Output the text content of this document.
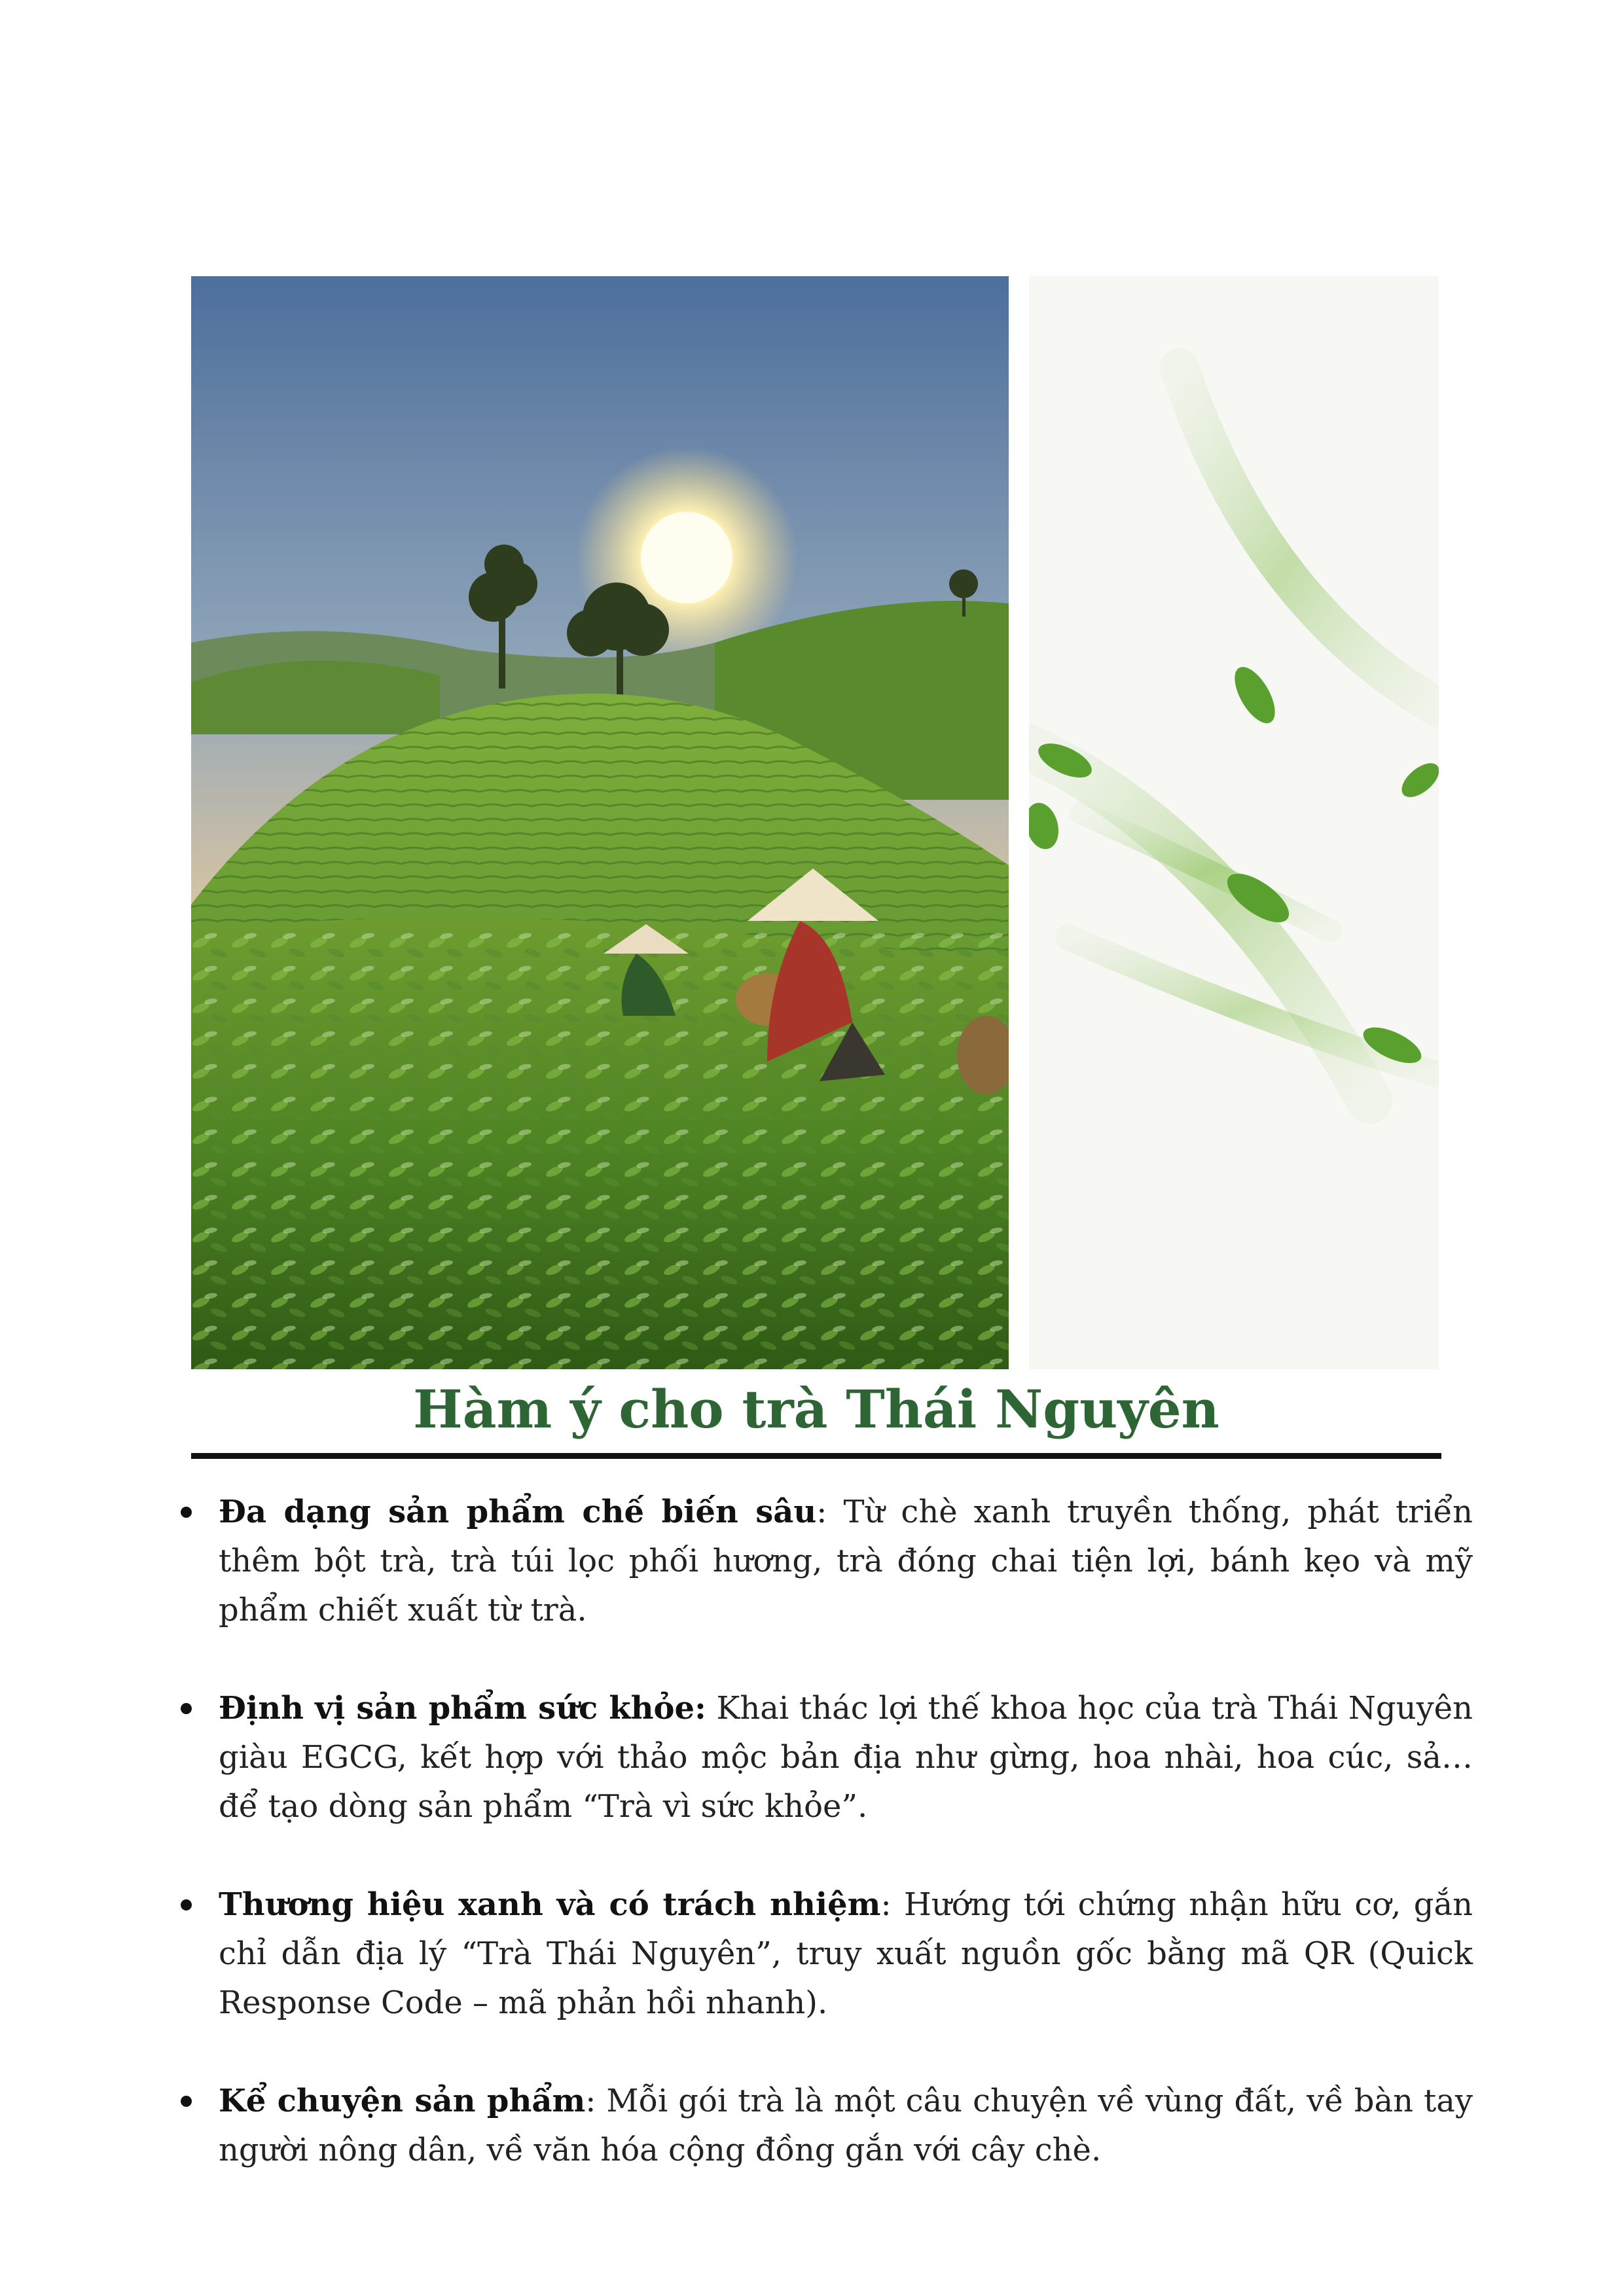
Hàm ý cho trà Thái Nguyên
Đa dạng sản phẩm chế biến sâu: Từ chè xanh truyền thống, phát triển thêm bột trà, trà túi lọc phối hương, trà đóng chai tiện lợi, bánh kẹo và mỹ phẩm chiết xuất từ trà.
Định vị sản phẩm sức khỏe: Khai thác lợi thế khoa học của trà Thái Nguyên giàu EGCG, kết hợp với thảo mộc bản địa như gừng, hoa nhài, hoa cúc, sả… để tạo dòng sản phẩm “Trà vì sức khỏe”.
Thương hiệu xanh và có trách nhiệm: Hướng tới chứng nhận hữu cơ, gắn chỉ dẫn địa lý “Trà Thái Nguyên”, truy xuất nguồn gốc bằng mã QR (Quick Response Code – mã phản hồi nhanh).
Kể chuyện sản phẩm: Mỗi gói trà là một câu chuyện về vùng đất, về bàn tay người nông dân, về văn hóa cộng đồng gắn với cây chè.
